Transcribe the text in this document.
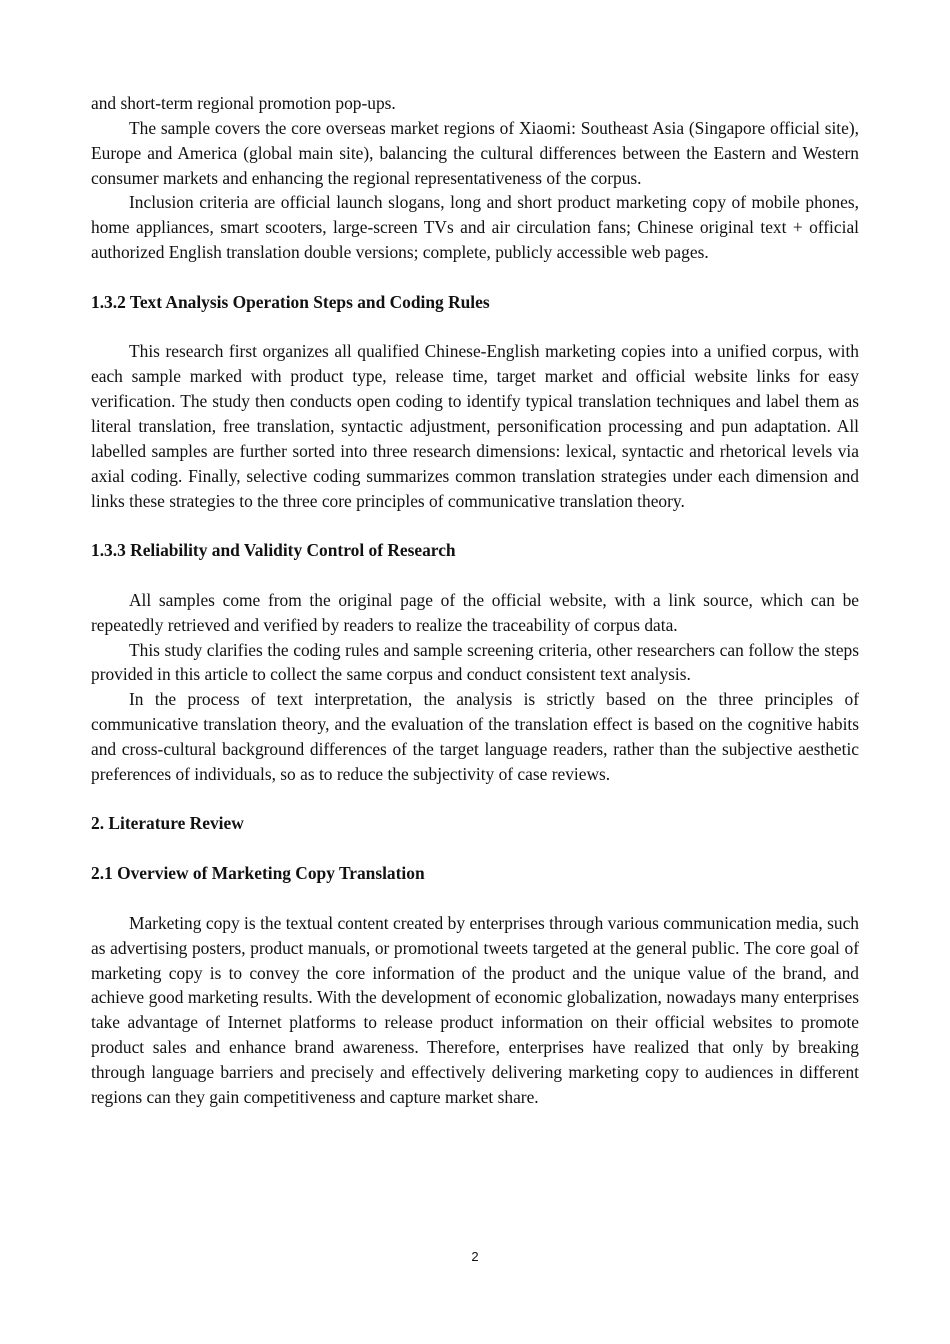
and short-term regional promotion pop-ups.

The sample covers the core overseas market regions of Xiaomi: Southeast Asia (Singapore official site), Europe and America (global main site), balancing the cultural differences between the Eastern and Western consumer markets and enhancing the regional representativeness of the corpus.

Inclusion criteria are official launch slogans, long and short product marketing copy of mobile phones, home appliances, smart scooters, large-screen TVs and air circulation fans; Chinese original text + official authorized English translation double versions; complete, publicly accessible web pages.

1.3.2 Text Analysis Operation Steps and Coding Rules

This research first organizes all qualified Chinese-English marketing copies into a unified corpus, with each sample marked with product type, release time, target market and official website links for easy verification. The study then conducts open coding to identify typical translation techniques and label them as literal translation, free translation, syntactic adjustment, personification processing and pun adaptation. All labelled samples are further sorted into three research dimensions: lexical, syntactic and rhetorical levels via axial coding. Finally, selective coding summarizes common translation strategies under each dimension and links these strategies to the three core principles of communicative translation theory.

1.3.3 Reliability and Validity Control of Research

All samples come from the original page of the official website, with a link source, which can be repeatedly retrieved and verified by readers to realize the traceability of corpus data.

This study clarifies the coding rules and sample screening criteria, other researchers can follow the steps provided in this article to collect the same corpus and conduct consistent text analysis.

In the process of text interpretation, the analysis is strictly based on the three principles of communicative translation theory, and the evaluation of the translation effect is based on the cognitive habits and cross-cultural background differences of the target language readers, rather than the subjective aesthetic preferences of individuals, so as to reduce the subjectivity of case reviews.

2. Literature Review
2.1 Overview of Marketing Copy Translation

Marketing copy is the textual content created by enterprises through various communication media, such as advertising posters, product manuals, or promotional tweets targeted at the general public. The core goal of marketing copy is to convey the core information of the product and the unique value of the brand, and achieve good marketing results. With the development of economic globalization, nowadays many enterprises take advantage of Internet platforms to release product information on their official websites to promote product sales and enhance brand awareness. Therefore, enterprises have realized that only by breaking through language barriers and precisely and effectively delivering marketing copy to audiences in different regions can they gain competitiveness and capture market share.

2
